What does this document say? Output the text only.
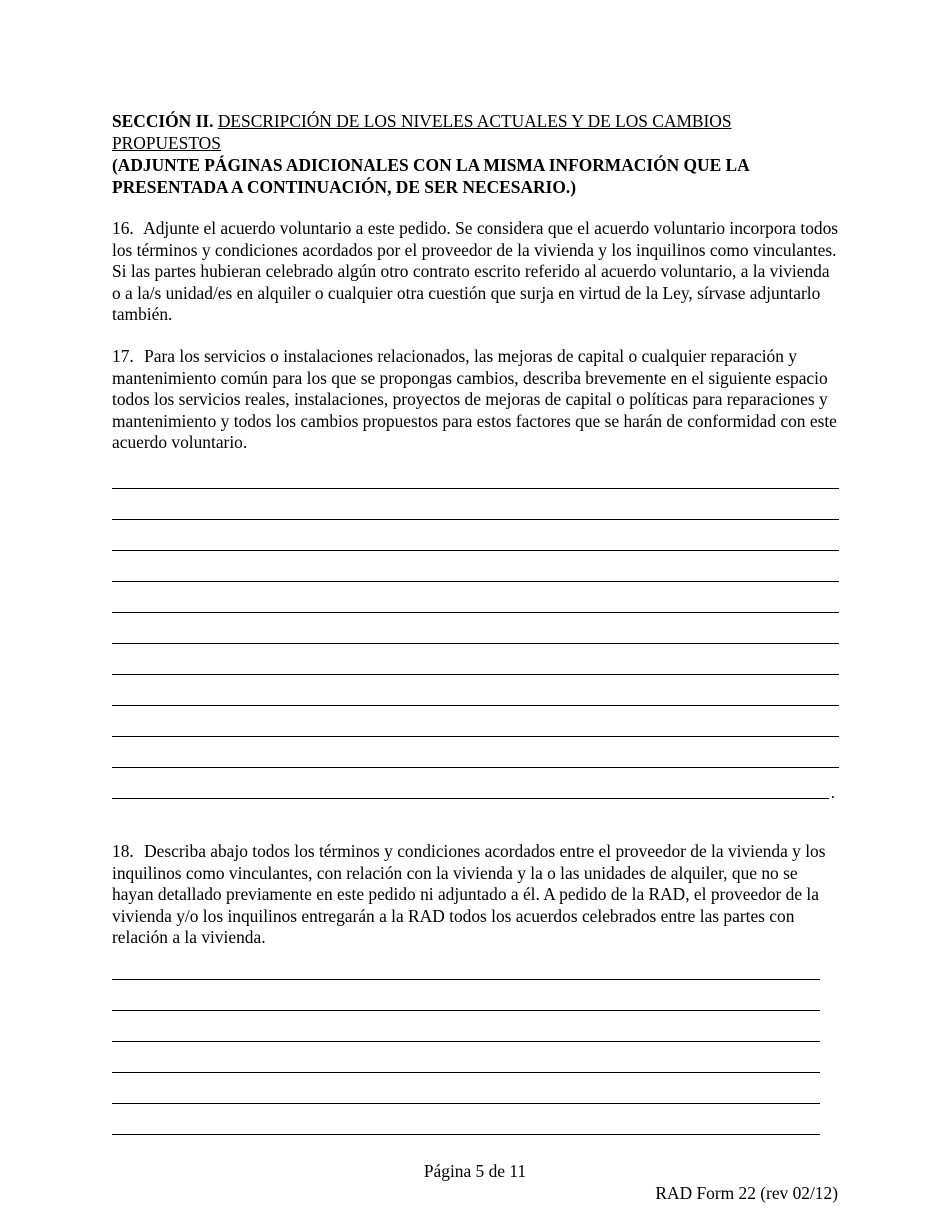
SECCIÓN II. DESCRIPCIÓN DE LOS NIVELES ACTUALES Y DE LOS CAMBIOS PROPUESTOS

(ADJUNTE PÁGINAS ADICIONALES CON LA MISMA INFORMACIÓN QUE LA PRESENTADA A CONTINUACIÓN, DE SER NECESARIO.)

16. Adjunte el acuerdo voluntario a este pedido. Se considera que el acuerdo voluntario incorpora todos los términos y condiciones acordados por el proveedor de la vivienda y los inquilinos como vinculantes. Si las partes hubieran celebrado algún otro contrato escrito referido al acuerdo voluntario, a la vivienda o a la/s unidad/es en alquiler o cualquier otra cuestión que surja en virtud de la Ley, sírvase adjuntarlo también.

17. Para los servicios o instalaciones relacionados, las mejoras de capital o cualquier reparación y mantenimiento común para los que se propongas cambios, describa brevemente en el siguiente espacio todos los servicios reales, instalaciones, proyectos de mejoras de capital o políticas para reparaciones y mantenimiento y todos los cambios propuestos para estos factores que se harán de conformidad con este acuerdo voluntario.

.

18. Describa abajo todos los términos y condiciones acordados entre el proveedor de la vivienda y los inquilinos como vinculantes, con relación con la vivienda y la o las unidades de alquiler, que no se hayan detallado previamente en este pedido ni adjuntado a él. A pedido de la RAD, el proveedor de la vivienda y/o los inquilinos entregarán a la RAD todos los acuerdos celebrados entre las partes con relación a la vivienda.

Página 5 de 11
RAD Form 22 (rev 02/12)
